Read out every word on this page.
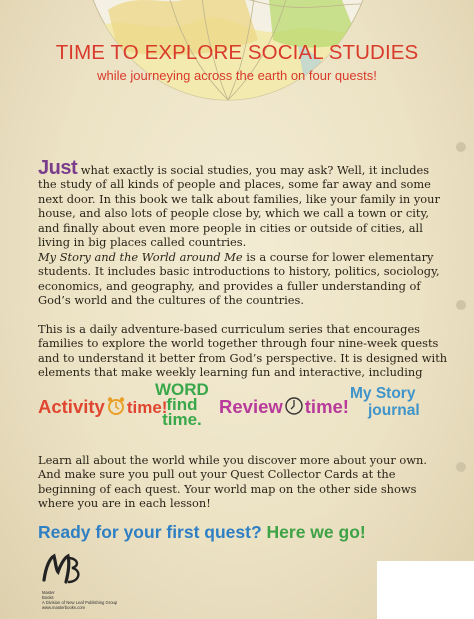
TIME TO EXPLORE SOCIAL STUDIES
while journeying across the earth on four quests!

Just what exactly is social studies, you may ask? Well, it includes the study of all kinds of people and places, some far away and some next door. In this book we talk about families, like your family in your house, and also lots of people close by, which we call a town or city, and finally about even more people in cities or outside of cities, all living in big places called countries.

My Story and the World around Me is a course for lower elementary students. It includes basic introductions to history, politics, sociology, economics, and geography, and provides a fuller understanding of God’s world and the cultures of the countries.

This is a daily adventure-based curriculum series that encourages families to explore the world together through four nine-week quests and to understand it better from God’s perspective. It is designed with elements that make weekly learning fun and interactive, including

Activity time!
WORD
find
time.
Review time!
My Story
journal

Learn all about the world while you discover more about your own. And make sure you pull out your Quest Collector Cards at the beginning of each quest. Your world map on the other side shows where you are in each lesson!

Ready for your first quest? Here we go!
Master
Books
A Division of New Leaf Publishing Group
www.masterbooks.com
